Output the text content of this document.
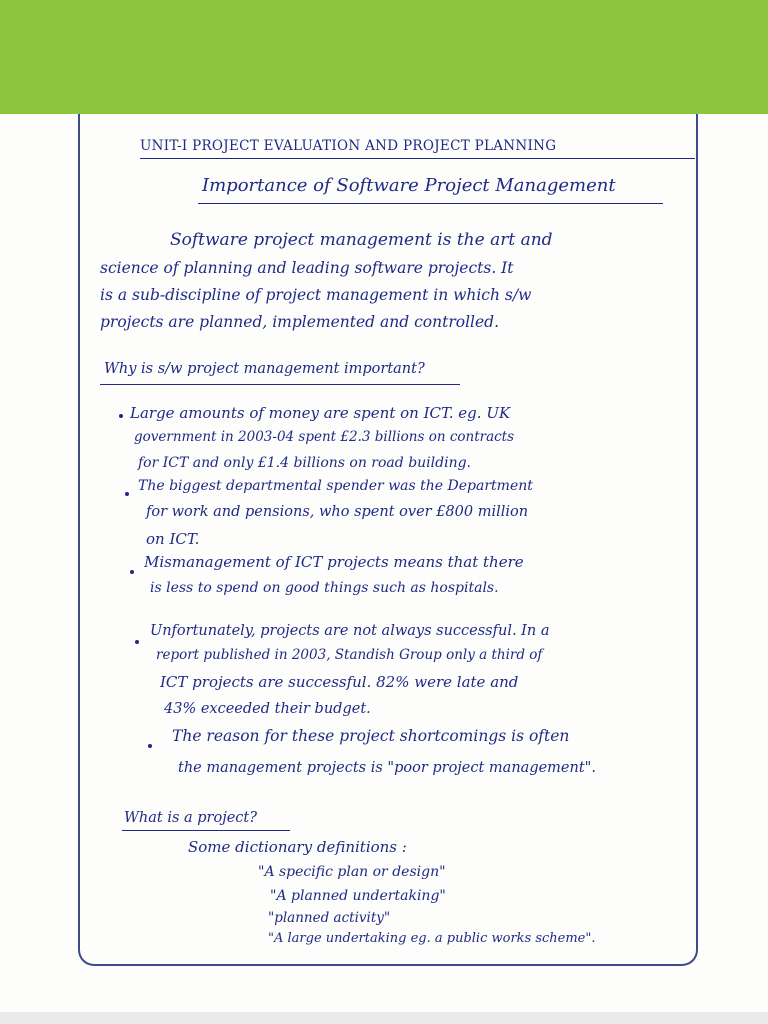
UNIT-I PROJECT EVALUATION AND PROJECT PLANNING

Importance of Software Project Management

Software project management is the art and

science of planning and leading software projects. It

is a sub-discipline of project management in which s/w

projects are planned, implemented and controlled.

Why is s/w project management important?

Large amounts of money are spent on ICT. eg. UK

government in 2003-04 spent £2.3 billions on contracts

for ICT and only £1.4 billions on road building.

The biggest departmental spender was the Department

for work and pensions, who spent over £800 million

on ICT.

Mismanagement of ICT projects means that there

is less to spend on good things such as hospitals.

Unfortunately, projects are not always successful. In a

report published in 2003, Standish Group only a third of

ICT projects are successful. 82% were late and

43% exceeded their budget.

The reason for these project shortcomings is often

the management projects is "poor project management".

What is a project?

Some dictionary definitions :

"A specific plan or design"

"A planned undertaking"

"planned activity"

"A large undertaking eg. a public works scheme".
